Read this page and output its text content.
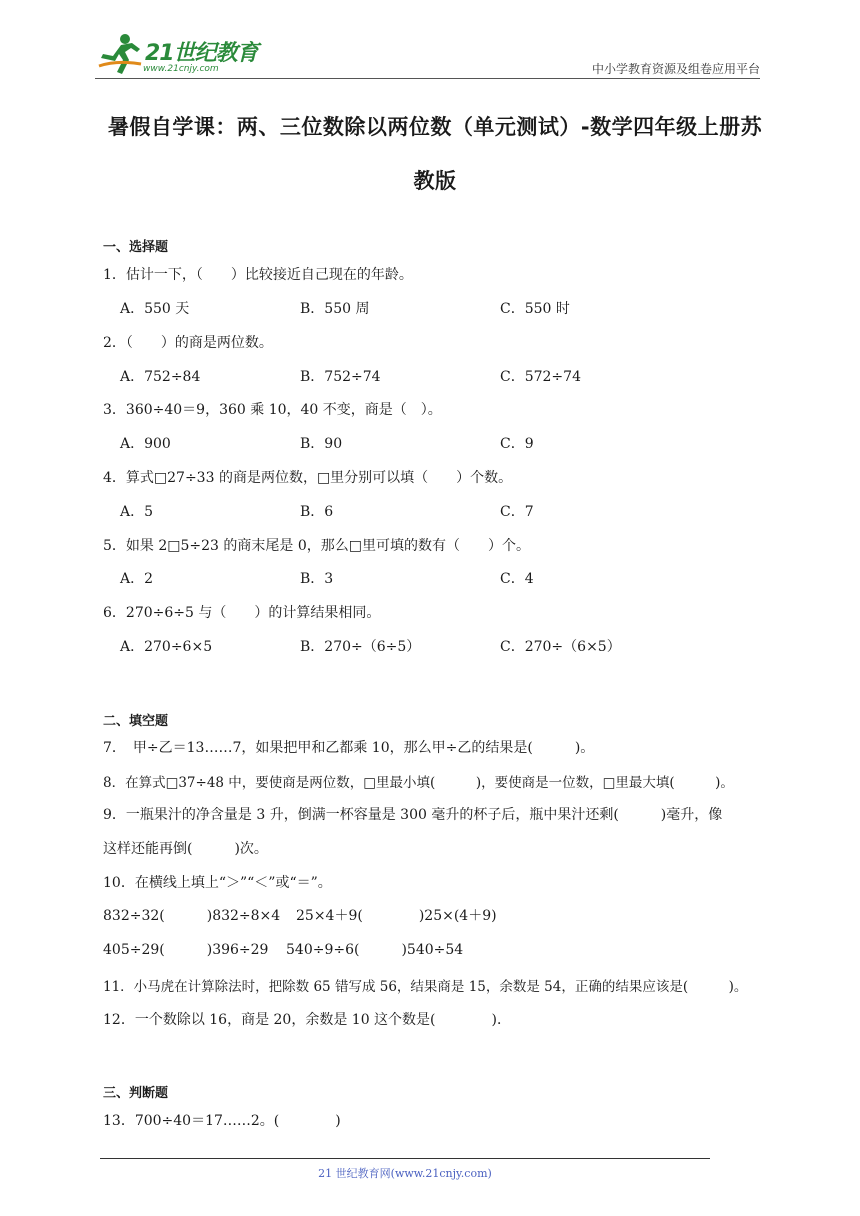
21世纪教育
www.21cnjy.com	中小学教育资源及组卷应用平台
暑假自学课：两、三位数除以两位数（单元测试）-数学四年级上册苏
教版
一、选择题
1．估计一下，（　　）比较接近自己现在的年龄。
A．550 天	B．550 周	C．550 时
2．（　　）的商是两位数。
A．752÷84	B．752÷74	C．572÷74
3．360÷40＝9，360 乘 10，40 不变，商是（　）。
A．900	B．90	C．9
4．算式□27÷33 的商是两位数，□里分别可以填（　　）个数。
A．5	B．6	C．7
5．如果 2□5÷23 的商末尾是 0，那么□里可填的数有（　　）个。
A．2	B．3	C．4
6．270÷6÷5 与（　　）的计算结果相同。
A．270÷6×5	B．270÷（6÷5）	C．270÷（6×5）
二、填空题
7．　甲÷乙＝13……7，如果把甲和乙都乘 10，那么甲÷乙的结果是(　　　)。
8．在算式□37÷48 中，要使商是两位数，□里最小填(　　　)，要使商是一位数，□里最大填(　　　)。
9．一瓶果汁的净含量是 3 升，倒满一杯容量是 300 毫升的杯子后，瓶中果汁还剩(　　　)毫升，像
这样还能再倒(　　　)次。
10．在横线上填上“＞”“＜”或“＝”。
832÷32(　　　)832÷8×4 25×4＋9(　　　　)25×(4＋9)
405÷29(　　　)396÷29 540÷9÷6(　　　)540÷54
11．小马虎在计算除法时，把除数 65 错写成 56，结果商是 15，余数是 54，正确的结果应该是(　　　)。
12．一个数除以 16，商是 20，余数是 10 这个数是(　　　　)．
三、判断题
13．700÷40＝17……2。(　　　　)
21 世纪教育网(www.21cnjy.com)
